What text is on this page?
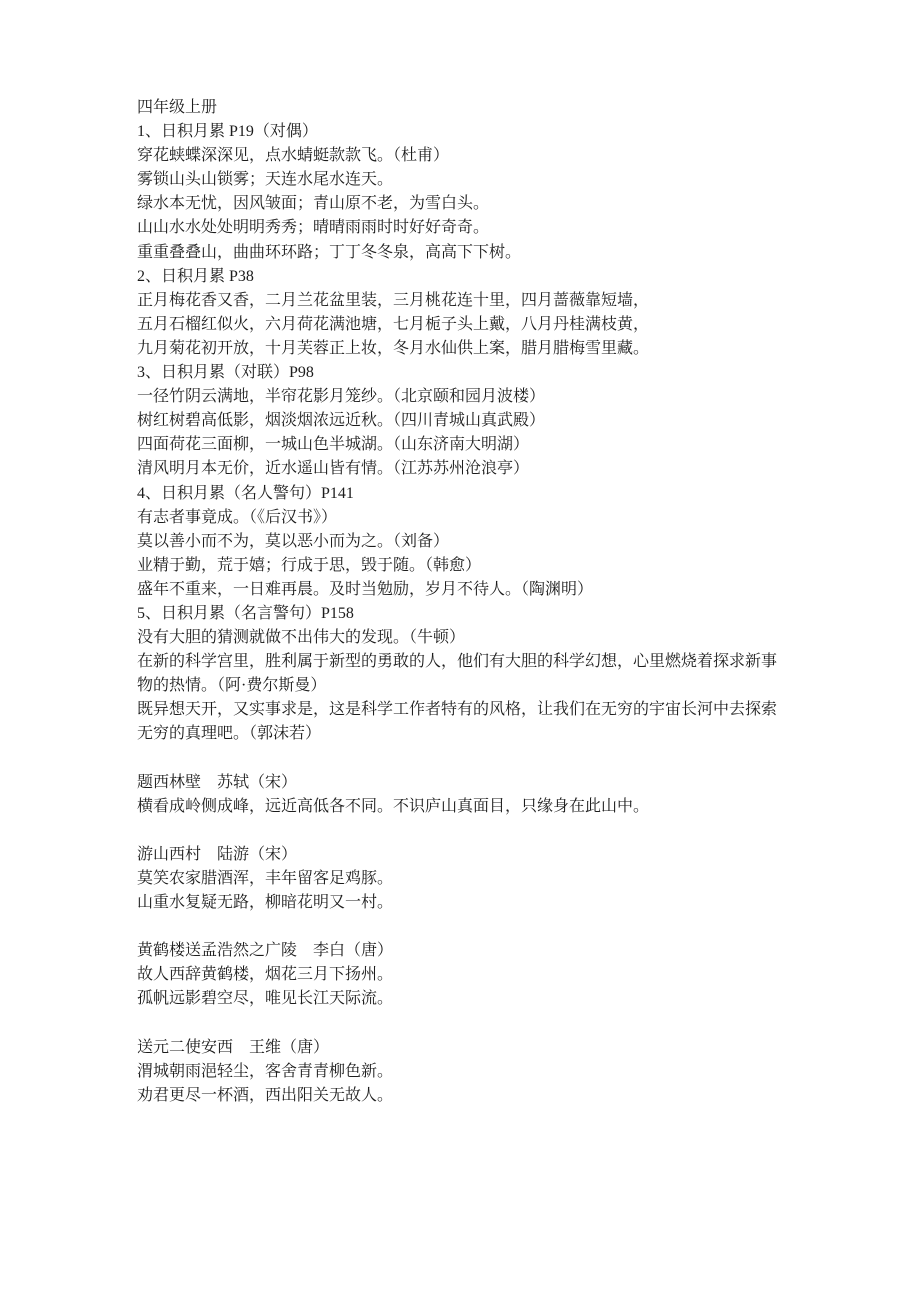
四年级上册
1、日积月累 P19（对偶）
穿花蛱蝶深深见，点水蜻蜓款款飞。（杜甫）
雾锁山头山锁雾；天连水尾水连天。
绿水本无忧，因风皱面；青山原不老，为雪白头。
山山水水处处明明秀秀；晴晴雨雨时时好好奇奇。
重重叠叠山，曲曲环环路；丁丁冬冬泉，高高下下树。
2、日积月累 P38
正月梅花香又香，二月兰花盆里装，三月桃花连十里，四月蔷薇靠短墙，
五月石榴红似火，六月荷花满池塘，七月栀子头上戴，八月丹桂满枝黄，
九月菊花初开放，十月芙蓉正上妆，冬月水仙供上案，腊月腊梅雪里藏。
3、日积月累（对联）P98
一径竹阴云满地，半帘花影月笼纱。（北京颐和园月波楼）
树红树碧高低影，烟淡烟浓远近秋。（四川青城山真武殿）
四面荷花三面柳，一城山色半城湖。（山东济南大明湖）
清风明月本无价，近水遥山皆有情。（江苏苏州沧浪亭）
4、日积月累（名人警句）P141
有志者事竟成。（《后汉书》）
莫以善小而不为，莫以恶小而为之。（刘备）
业精于勤，荒于嬉；行成于思，毁于随。（韩愈）
盛年不重来，一日难再晨。及时当勉励，岁月不待人。（陶渊明）
5、日积月累（名言警句）P158
没有大胆的猜测就做不出伟大的发现。（牛顿）
在新的科学宫里，胜利属于新型的勇敢的人，他们有大胆的科学幻想，心里燃烧着探求新事
物的热情。（阿·费尔斯曼）
既异想天开，又实事求是，这是科学工作者特有的风格，让我们在无穷的宇宙长河中去探索
无穷的真理吧。（郭沫若）
题西林壁　苏轼（宋）
横看成岭侧成峰，远近高低各不同。不识庐山真面目，只缘身在此山中。
游山西村　陆游（宋）
莫笑农家腊酒浑，丰年留客足鸡豚。
山重水复疑无路，柳暗花明又一村。
黄鹤楼送孟浩然之广陵　李白（唐）
故人西辞黄鹤楼，烟花三月下扬州。
孤帆远影碧空尽，唯见长江天际流。
送元二使安西　王维（唐）
渭城朝雨浥轻尘，客舍青青柳色新。
劝君更尽一杯酒，西出阳关无故人。
